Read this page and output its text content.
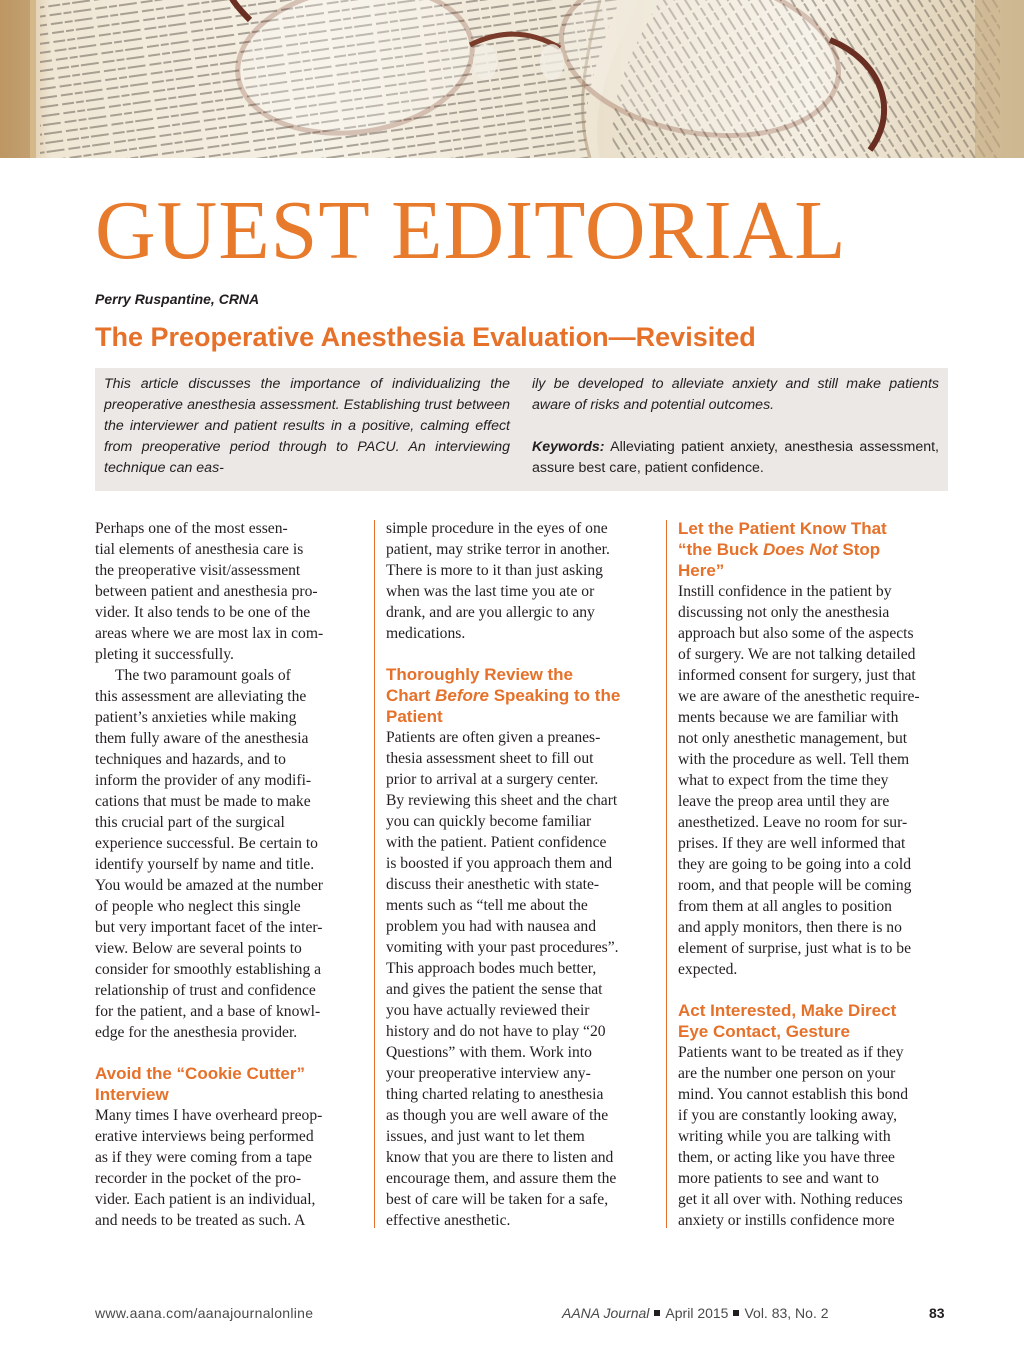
GUEST EDITORIAL
Perry Ruspantine, CRNA
The Preoperative Anesthesia Evaluation—Revisited
This article discusses the importance of individualizing the preoperative anesthesia assessment. Establishing trust between the interviewer and patient results in a positive, calming effect from preoperative period through to PACU. An interviewing technique can eas-
ily be developed to alleviate anxiety and still make patients aware of risks and potential outcomes.
Keywords: Alleviating patient anxiety, anesthesia assessment, assure best care, patient confidence.
Perhaps one of the most essen-
tial elements of anesthesia care is
the preoperative visit/assessment
between patient and anesthesia pro-
vider. It also tends to be one of the
areas where we are most lax in com-
pleting it successfully.
The two paramount goals of
this assessment are alleviating the
patient’s anxieties while making
them fully aware of the anesthesia
techniques and hazards, and to
inform the provider of any modifi-
cations that must be made to make
this crucial part of the surgical
experience successful. Be certain to
identify yourself by name and title.
You would be amazed at the number
of people who neglect this single
but very important facet of the inter-
view. Below are several points to
consider for smoothly establishing a
relationship of trust and confidence
for the patient, and a base of knowl-
edge for the anesthesia provider.
Avoid the “Cookie Cutter”
Interview
Many times I have overheard preop-
erative interviews being performed
as if they were coming from a tape
recorder in the pocket of the pro-
vider. Each patient is an individual,
and needs to be treated as such. A
simple procedure in the eyes of one
patient, may strike terror in another.
There is more to it than just asking
when was the last time you ate or
drank, and are you allergic to any
medications.
Thoroughly Review the
Chart Before Speaking to the
Patient
Patients are often given a preanes-
thesia assessment sheet to fill out
prior to arrival at a surgery center.
By reviewing this sheet and the chart
you can quickly become familiar
with the patient. Patient confidence
is boosted if you approach them and
discuss their anesthetic with state-
ments such as “tell me about the
problem you had with nausea and
vomiting with your past procedures”.
This approach bodes much better,
and gives the patient the sense that
you have actually reviewed their
history and do not have to play “20
Questions” with them. Work into
your preoperative interview any-
thing charted relating to anesthesia
as though you are well aware of the
issues, and just want to let them
know that you are there to listen and
encourage them, and assure them the
best of care will be taken for a safe,
effective anesthetic.
Let the Patient Know That
“the Buck Does Not Stop
Here”
Instill confidence in the patient by
discussing not only the anesthesia
approach but also some of the aspects
of surgery. We are not talking detailed
informed consent for surgery, just that
we are aware of the anesthetic require-
ments because we are familiar with
not only anesthetic management, but
with the procedure as well. Tell them
what to expect from the time they
leave the preop area until they are
anesthetized. Leave no room for sur-
prises. If they are well informed that
they are going to be going into a cold
room, and that people will be coming
from them at all angles to position
and apply monitors, then there is no
element of surprise, just what is to be
expected.
Act Interested, Make Direct
Eye Contact, Gesture
Patients want to be treated as if they
are the number one person on your
mind. You cannot establish this bond
if you are constantly looking away,
writing while you are talking with
them, or acting like you have three
more patients to see and want to
get it all over with. Nothing reduces
anxiety or instills confidence more
www.aana.com/aanajournalonline	AANA Journal April 2015 Vol. 83, No. 2	83
